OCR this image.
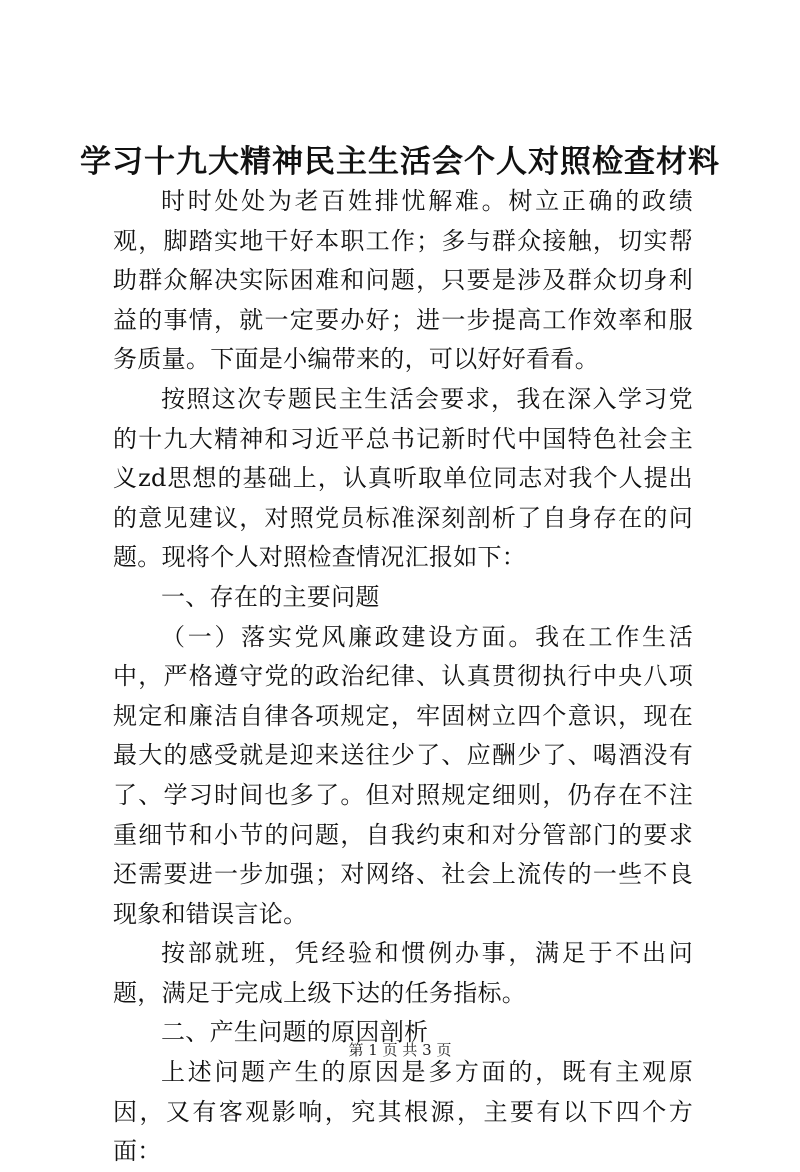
学习十九大精神民主生活会个人对照检查材料

时时处处为老百姓排忧解难。树立正确的政绩观，脚踏实地干好本职工作；多与群众接触，切实帮助群众解决实际困难和问题，只要是涉及群众切身利益的事情，就一定要办好；进一步提高工作效率和服务质量。下面是小编带来的，可以好好看看。

按照这次专题民主生活会要求，我在深入学习党的十九大精神和习近平总书记新时代中国特色社会主义zd思想的基础上，认真听取单位同志对我个人提出的意见建议，对照党员标准深刻剖析了自身存在的问题。现将个人对照检查情况汇报如下：

一、存在的主要问题

（一）落实党风廉政建设方面。我在工作生活中，严格遵守党的政治纪律、认真贯彻执行中央八项规定和廉洁自律各项规定，牢固树立四个意识，现在最大的感受就是迎来送往少了、应酬少了、喝酒没有了、学习时间也多了。但对照规定细则，仍存在不注重细节和小节的问题，自我约束和对分管部门的要求还需要进一步加强；对网络、社会上流传的一些不良现象和错误言论。

按部就班，凭经验和惯例办事，满足于不出问题，满足于完成上级下达的任务指标。

二、产生问题的原因剖析

上述问题产生的原因是多方面的，既有主观原因，又有客观影响，究其根源，主要有以下四个方面：

第 1 页 共 3 页
